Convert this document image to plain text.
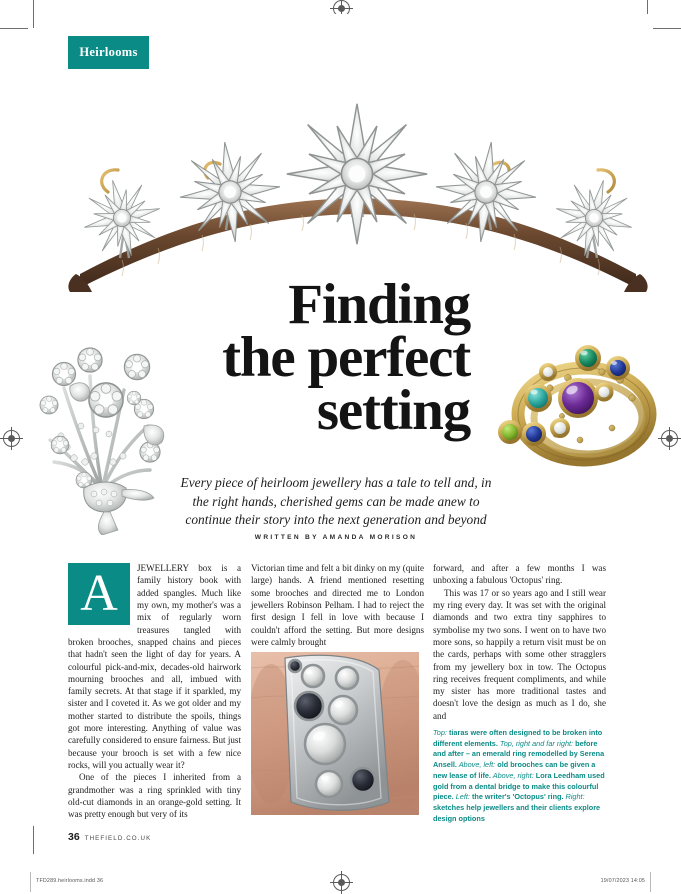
Heirlooms
Finding
the perfect
setting
Every piece of heirloom jewellery has a tale to tell and, in the right hands, cherished gems can be made anew to continue their story into the next generation and beyond
WRITTEN BY AMANDA MORISON

A	JEWELLERY box is a family history book with added spangles. Much like my own, my mother's was a mix of regularly worn treasures tangled with broken brooches, snapped chains and pieces that hadn't seen the light of day for years. A colourful pick-and-mix, decades-old hairwork mourning brooches and all, imbued with family secrets. At that stage if it sparkled, my sister and I coveted it. As we got older and my mother started to distribute the spoils, things got more interesting. Anything of value was carefully considered to ensure fairness. But just because your brooch is set with a few nice rocks, will you actually wear it?

One of the pieces I inherited from a grandmother was a ring sprinkled with tiny old-cut diamonds in an orange-gold setting. It was pretty enough but very of its

Victorian time and felt a bit dinky on my (quite large) hands. A friend mentioned resetting some brooches and directed me to London jewellers Robinson Pelham. I had to reject the first design I fell in love with because I couldn't afford the setting. But more designs were calmly brought

forward, and after a few months I was unboxing a fabulous 'Octopus' ring.

This was 17 or so years ago and I still wear my ring every day. It was set with the original diamonds and two extra tiny sapphires to symbolise my two sons. I went on to have two more sons, so happily a return visit must be on the cards, perhaps with some other stragglers from my jewellery box in tow. The Octopus ring receives frequent compliments, and while my sister has more traditional tastes and doesn't love the design as much as I do, she and

Top: tiaras were often designed to be broken into different elements. Top, right and far right: before and after – an emerald ring remodelled by Serena Ansell. Above, left: old brooches can be given a new lease of life. Above, right: Lora Leedham used gold from a dental bridge to make this colourful piece. Left: the writer's 'Octopus' ring. Right: sketches help jewellers and their clients explore design options
36 THEFIELD.CO.UK
TFD289.heirlooms.indd 36	19/07/2023 14:05
